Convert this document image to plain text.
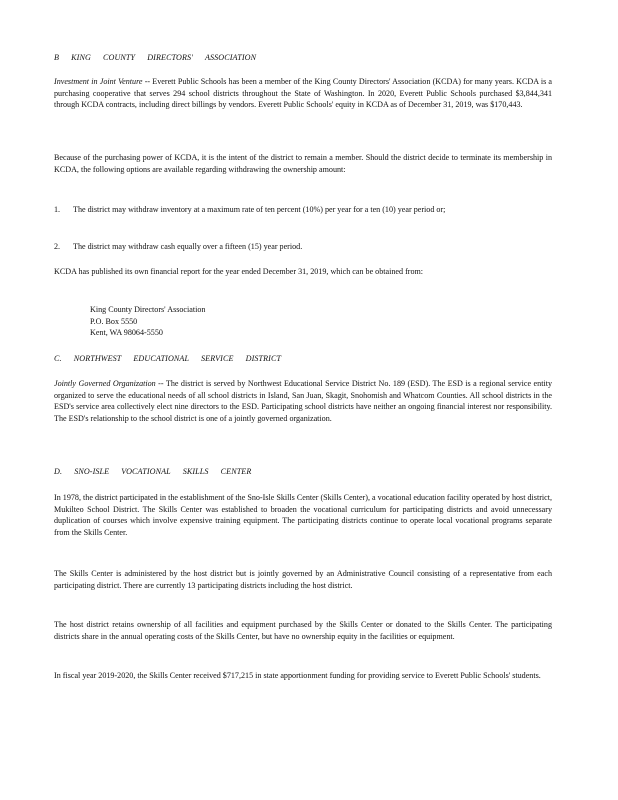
B KING COUNTY DIRECTORS' ASSOCIATION
Investment in Joint Venture -- Everett Public Schools has been a member of the King County Directors' Association (KCDA) for many years. KCDA is a purchasing cooperative that serves 294 school districts throughout the State of Washington. In 2020, Everett Public Schools purchased $3,844,341 through KCDA contracts, including direct billings by vendors. Everett Public Schools' equity in KCDA as of December 31, 2019, was $170,443.
Because of the purchasing power of KCDA, it is the intent of the district to remain a member. Should the district decide to terminate its membership in KCDA, the following options are available regarding withdrawing the ownership amount:
1. The district may withdraw inventory at a maximum rate of ten percent (10%) per year for a ten (10) year period or;
2. The district may withdraw cash equally over a fifteen (15) year period.
KCDA has published its own financial report for the year ended December 31, 2019, which can be obtained from:
King County Directors' Association
P.O. Box 5550
Kent, WA 98064-5550
C. NORTHWEST EDUCATIONAL SERVICE DISTRICT
Jointly Governed Organization -- The district is served by Northwest Educational Service District No. 189 (ESD). The ESD is a regional service entity organized to serve the educational needs of all school districts in Island, San Juan, Skagit, Snohomish and Whatcom Counties. All school districts in the ESD's service area collectively elect nine directors to the ESD. Participating school districts have neither an ongoing financial interest nor responsibility. The ESD's relationship to the school district is one of a jointly governed organization.
D. SNO-ISLE VOCATIONAL SKILLS CENTER
In 1978, the district participated in the establishment of the Sno-Isle Skills Center (Skills Center), a vocational education facility operated by host district, Mukilteo School District. The Skills Center was established to broaden the vocational curriculum for participating districts and avoid unnecessary duplication of courses which involve expensive training equipment. The participating districts continue to operate local vocational programs separate from the Skills Center.
The Skills Center is administered by the host district but is jointly governed by an Administrative Council consisting of a representative from each participating district. There are currently 13 participating districts including the host district.
The host district retains ownership of all facilities and equipment purchased by the Skills Center or donated to the Skills Center. The participating districts share in the annual operating costs of the Skills Center, but have no ownership equity in the facilities or equipment.
In fiscal year 2019-2020, the Skills Center received $717,215 in state apportionment funding for providing service to Everett Public Schools' students.
